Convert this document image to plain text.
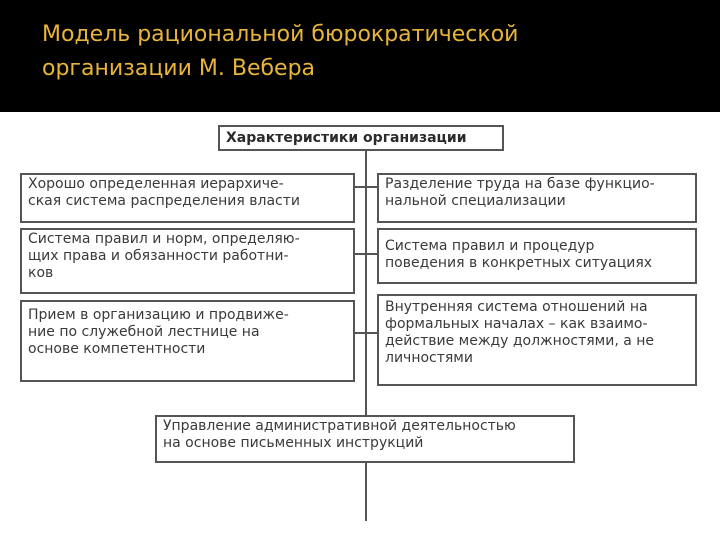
Модель рациональной бюрократической
организации М. Вебера
Характеристики организации
Хорошо определенная иерархиче-
ская система распределения власти
Система правил и норм, определяю-
щих права и обязанности работни-
ков
Прием в организацию и продвиже-
ние по служебной лестнице на
основе компетентности
Разделение труда на базе функцио-
нальной специализации
Система правил и процедур
поведения в конкретных ситуациях
Внутренняя система отношений на
формальных началах – как взаимо-
действие между должностями, а не
личностями
Управление административной деятельностью
на основе письменных инструкций
